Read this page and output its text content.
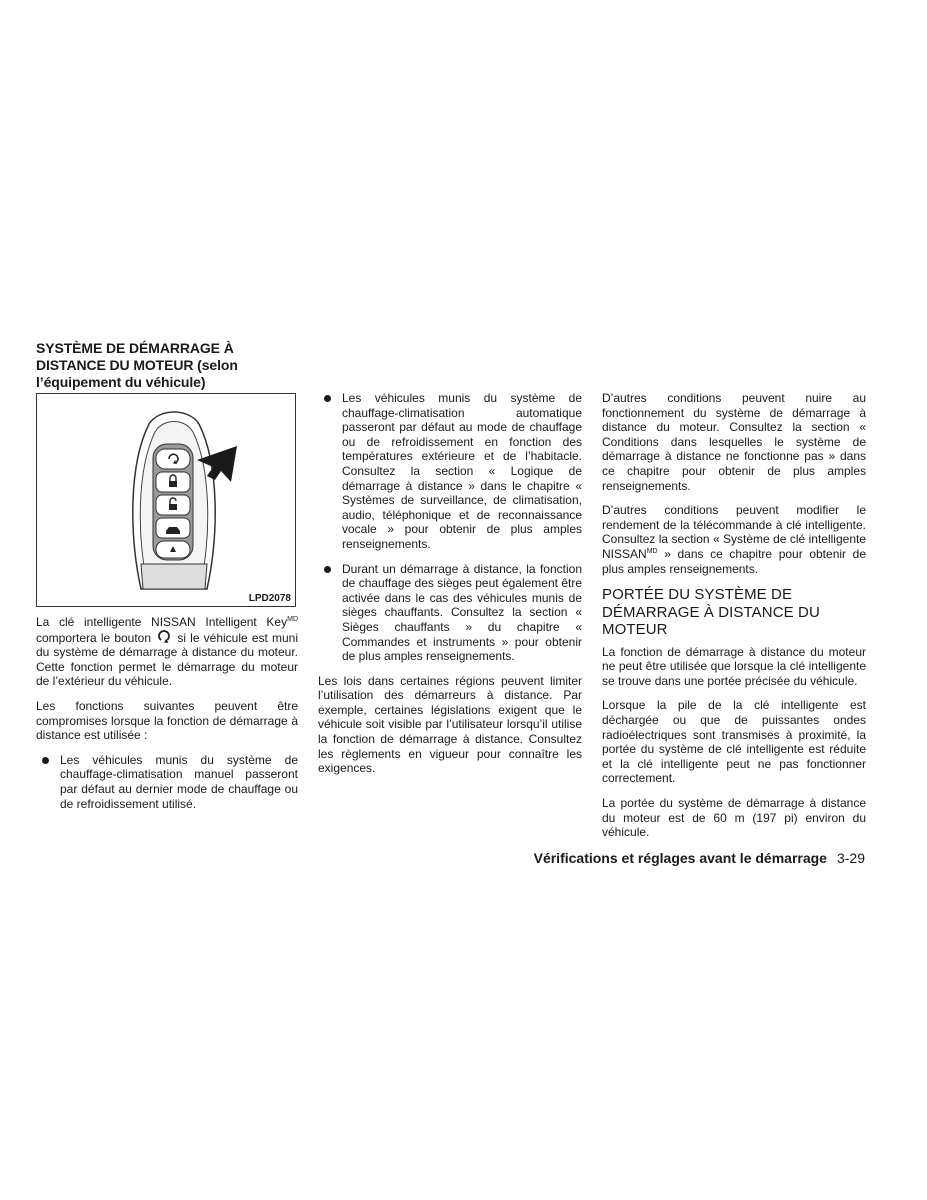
SYSTÈME DE DÉMARRAGE À DISTANCE DU MOTEUR (selon l’équipement du véhicule)
LPD2078

La clé intelligente NISSAN Intelligent Key$^{MD}$ comportera le bouton  si le véhicule est muni du système de démarrage à distance du moteur. Cette fonction permet le démarrage du moteur de l’extérieur du véhicule.

Les fonctions suivantes peuvent être compromises lorsque la fonction de démarrage à distance est utilisée :

Les véhicules munis du système de chauffage-climatisation manuel passeront par défaut au dernier mode de chauffage ou de refroidissement utilisé.

Les véhicules munis du système de chauffage-climatisation automatique passeront par défaut au mode de chauffage ou de refroidissement en fonction des températures extérieure et de l’habitacle. Consultez la section « Logique de démarrage à distance » dans le chapitre « Systèmes de surveillance, de climatisation, audio, téléphonique et de reconnaissance vocale » pour obtenir de plus amples renseignements.

Durant un démarrage à distance, la fonction de chauffage des sièges peut également être activée dans le cas des véhicules munis de sièges chauffants. Consultez la section « Sièges chauffants » du chapitre « Commandes et instruments » pour obtenir de plus amples renseignements.

Les lois dans certaines régions peuvent limiter l’utilisation des démarreurs à distance. Par exemple, certaines législations exigent que le véhicule soit visible par l’utilisateur lorsqu’il utilise la fonction de démarrage à distance. Consultez les règlements en vigueur pour connaître les exigences.

D’autres conditions peuvent nuire au fonctionnement du système de démarrage à distance du moteur. Consultez la section « Conditions dans lesquelles le système de démarrage à distance ne fonctionne pas » dans ce chapitre pour obtenir de plus amples renseignements.

D’autres conditions peuvent modifier le rendement de la télécommande à clé intelligente. Consultez la section « Système de clé intelligente $NISSAN^{MD}$ » dans ce chapitre pour obtenir de plus amples renseignements.

PORTÉE DU SYSTÈME DE DÉMARRAGE À DISTANCE DU MOTEUR

La fonction de démarrage à distance du moteur ne peut être utilisée que lorsque la clé intelligente se trouve dans une portée précisée du véhicule.

Lorsque la pile de la clé intelligente est déchargée ou que de puissantes ondes radioélectriques sont transmises à proximité, la portée du système de clé intelligente est réduite et la clé intelligente peut ne pas fonctionner correctement.

La portée du système de démarrage à distance du moteur est de 60 m (197 pi) environ du véhicule.

Vérifications et réglages avant le démarrage 3-29
